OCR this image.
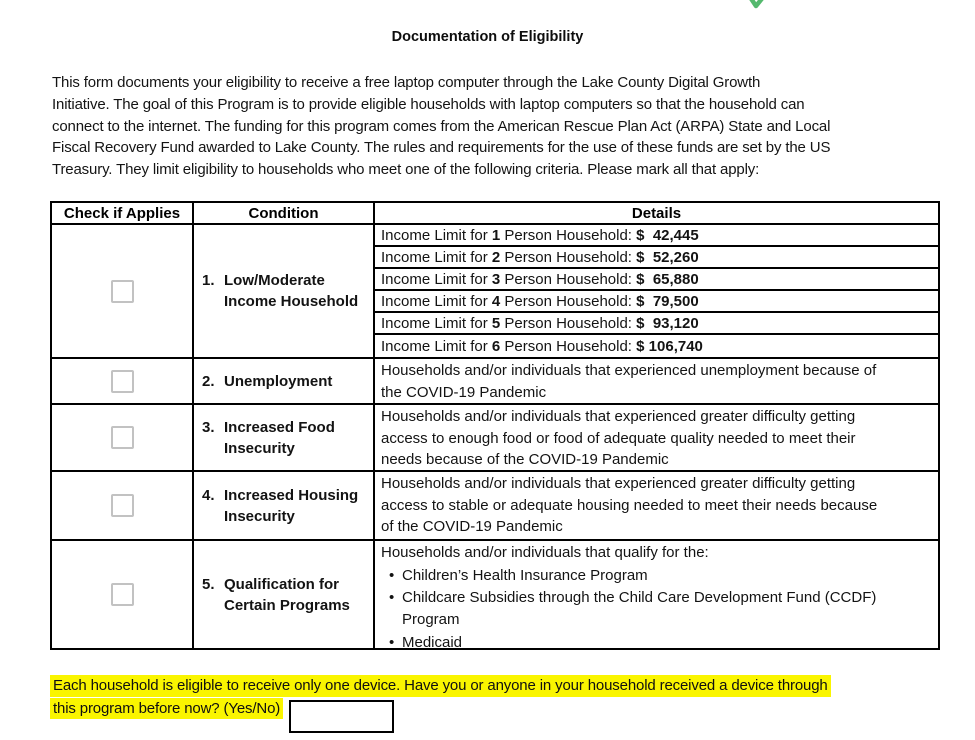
Documentation of Eligibility
This form documents your eligibility to receive a free laptop computer through the Lake County Digital Growth
Initiative. The goal of this Program is to provide eligible households with laptop computers so that the household can
connect to the internet. The funding for this program comes from the American Rescue Plan Act (ARPA) State and Local
Fiscal Recovery Fund awarded to Lake County. The rules and requirements for the use of these funds are set by the US
Treasury. They limit eligibility to households who meet one of the following criteria. Please mark all that apply:
Check if Applies	Condition	Details
1. Low/Moderate
Income Household
Income Limit for
1
Person Household:
$  42,445
Income Limit for
2
Person Household:
$  52,260
Income Limit for
3
Person Household:
$  65,880
Income Limit for
4
Person Household:
$  79,500
Income Limit for
5
Person Household:
$  93,120
Income Limit for
6
Person Household:
$ 106,740
2. Unemployment
Households and/or individuals that experienced unemployment because of
the COVID-19 Pandemic
3. Increased Food
Insecurity
Households and/or individuals that experienced greater difficulty getting
access to enough food or food of adequate quality needed to meet their
needs because of the COVID-19 Pandemic
4. Increased Housing
Insecurity
Households and/or individuals that experienced greater difficulty getting
access to stable or adequate housing needed to meet their needs because
of the COVID-19 Pandemic
5. Qualification for
Certain Programs
Households and/or individuals that qualify for the:
• Children’s Health Insurance Program
• Childcare Subsidies through the Child Care Development Fund (CCDF)
Program
• Medicaid
Each household is eligible to receive only one device. Have you or anyone in your household received a device through
this program before now? (Yes/No)
